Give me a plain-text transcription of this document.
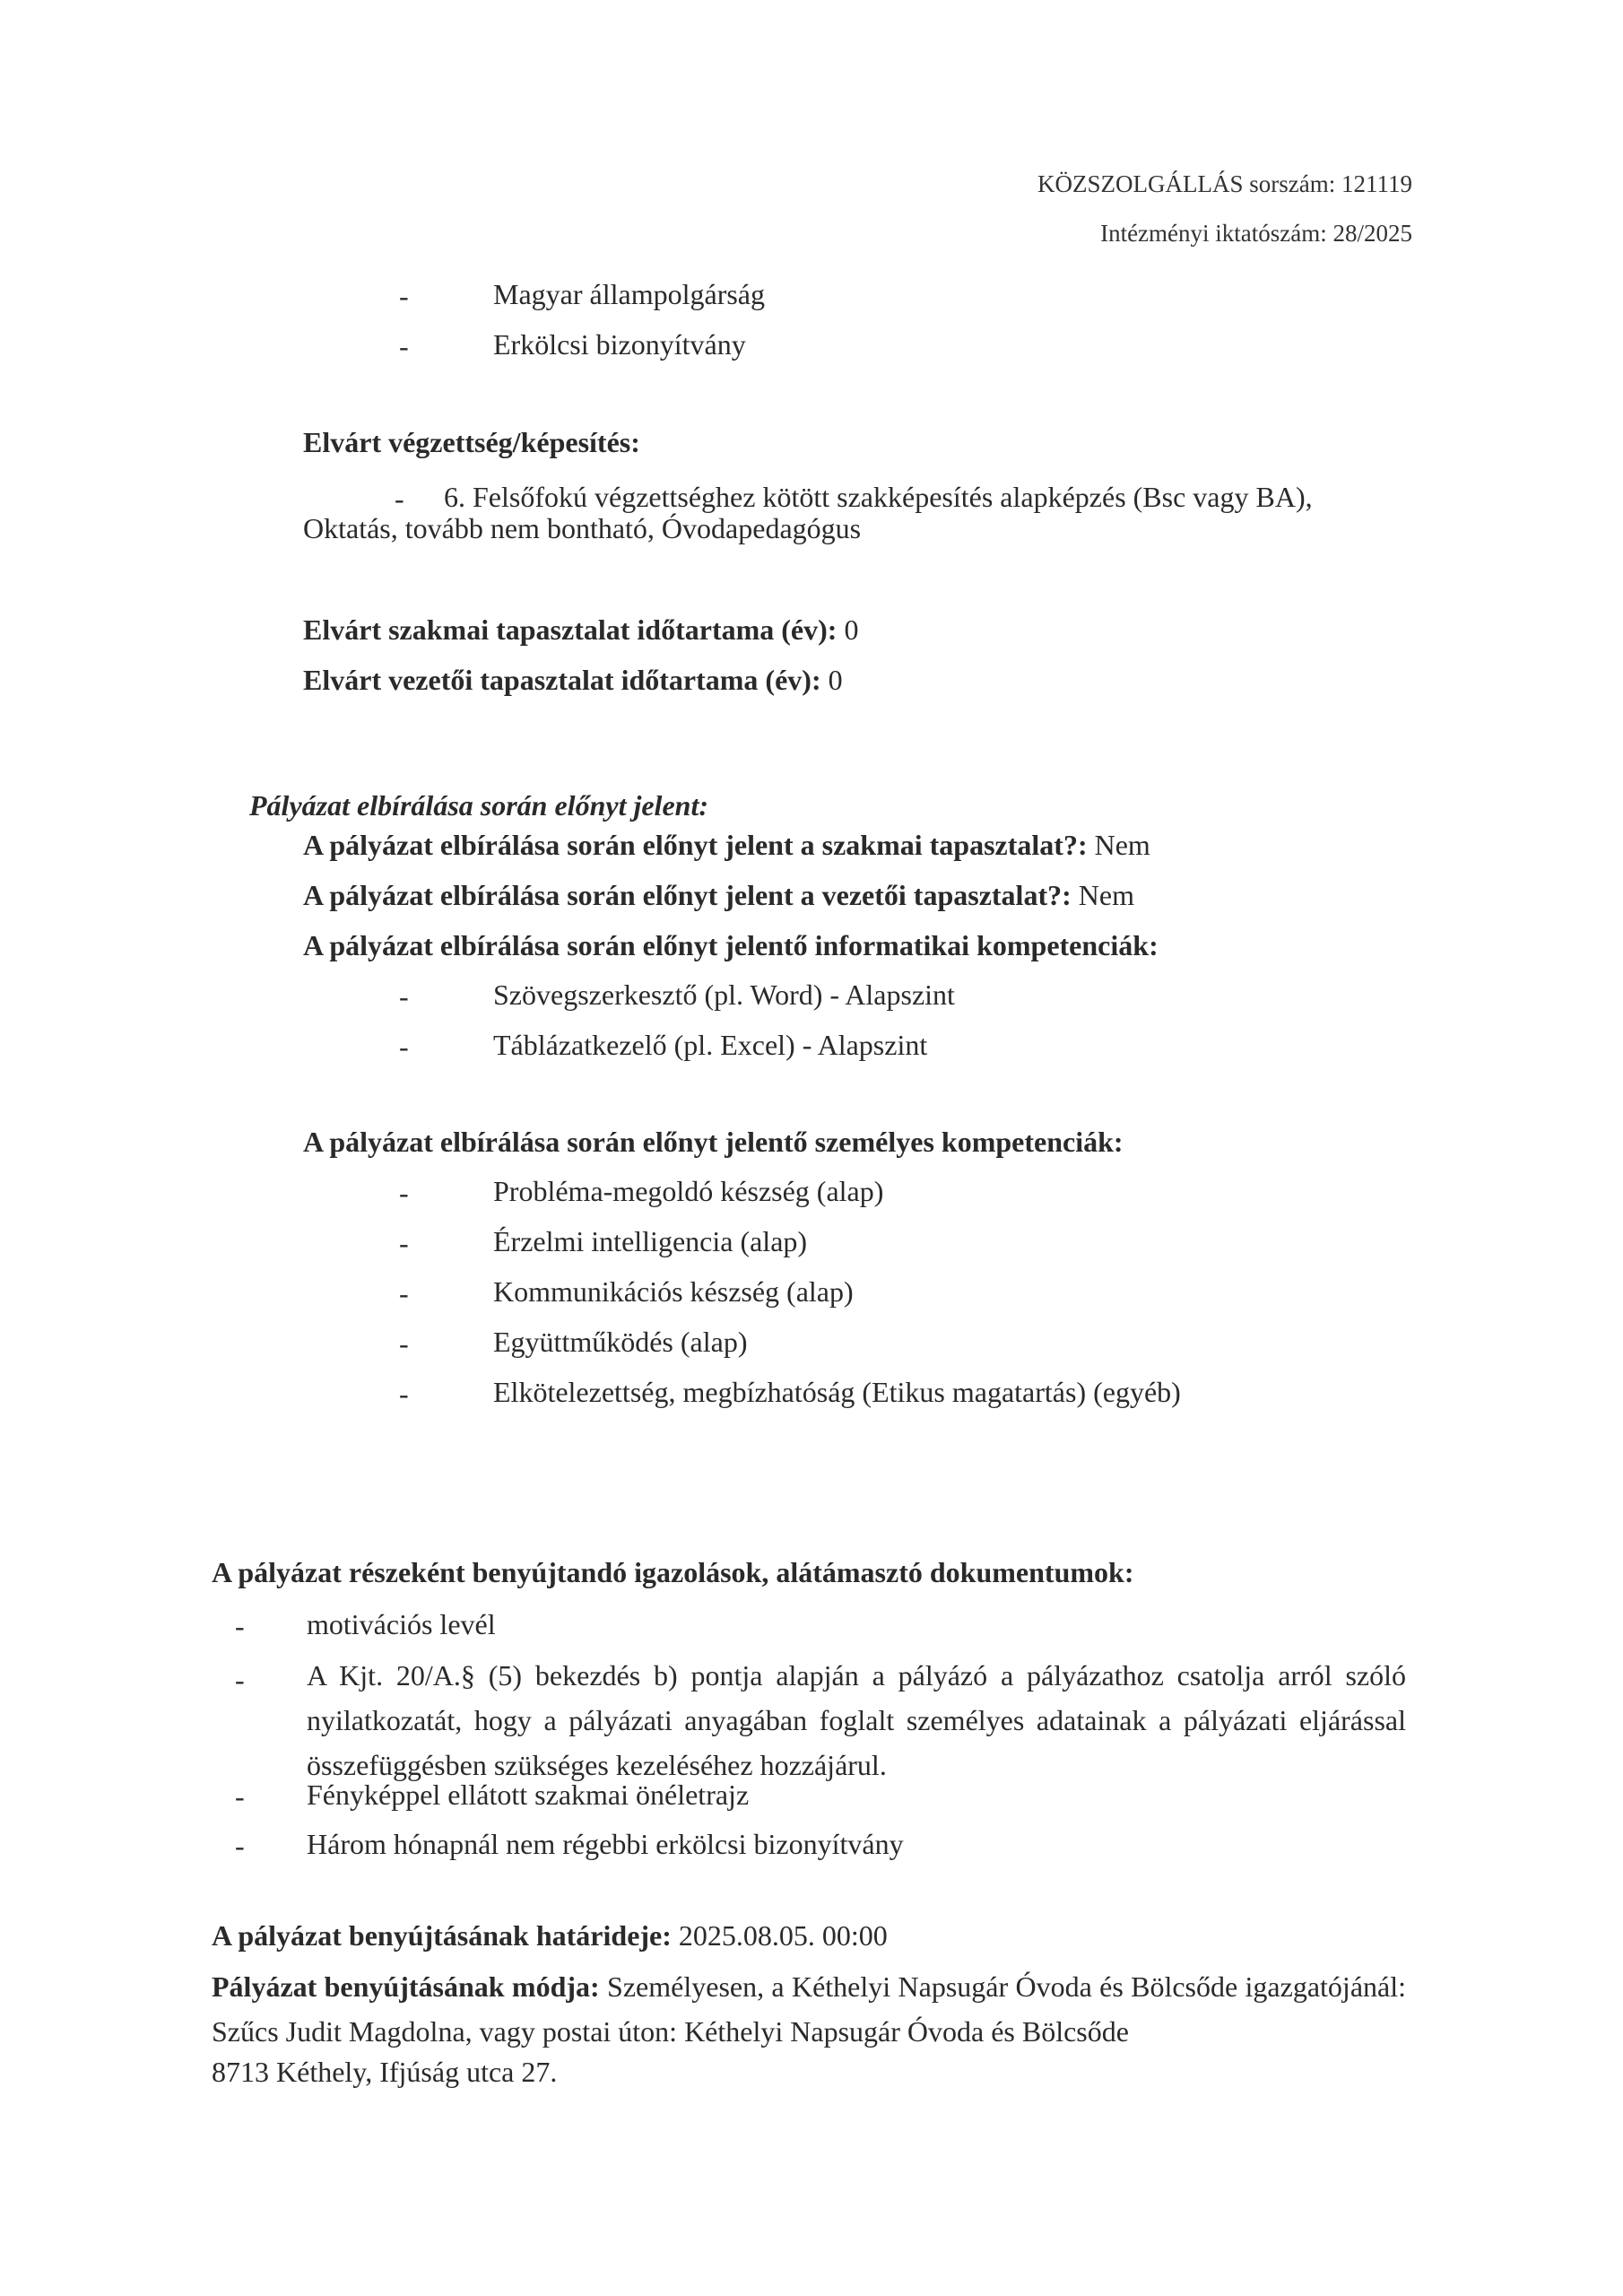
KÖZSZOLGÁLLÁS sorszám: 121119
Intézményi iktatószám: 28/2025
-	Magyar állampolgárság
-	Erkölcsi bizonyítvány
Elvárt végzettség/képesítés:
- 6. Felsőfokú végzettséghez kötött szakképesítés alapképzés (Bsc vagy BA),
Oktatás, tovább nem bontható, Óvodapedagógus
Elvárt szakmai tapasztalat időtartama (év): 0
Elvárt vezetői tapasztalat időtartama (év): 0
Pályázat elbírálása során előnyt jelent:
A pályázat elbírálása során előnyt jelent a szakmai tapasztalat?: Nem
A pályázat elbírálása során előnyt jelent a vezetői tapasztalat?: Nem
A pályázat elbírálása során előnyt jelentő informatikai kompetenciák:
-	Szövegszerkesztő (pl. Word) - Alapszint
-	Táblázatkezelő (pl. Excel) - Alapszint
A pályázat elbírálása során előnyt jelentő személyes kompetenciák:
-	Probléma-megoldó készség (alap)
-	Érzelmi intelligencia (alap)
-	Kommunikációs készség (alap)
-	Együttműködés (alap)
-	Elkötelezettség, megbízhatóság (Etikus magatartás) (egyéb)
A pályázat részeként benyújtandó igazolások, alátámasztó dokumentumok:
- motivációs levél
- A Kjt. 20/A.§ (5) bekezdés b) pontja alapján a pályázó a pályázathoz csatolja arról szóló nyilatkozatát, hogy a pályázati anyagában foglalt személyes adatainak a pályázati eljárással összefüggésben szükséges kezeléséhez hozzájárul.
- Fényképpel ellátott szakmai önéletrajz
- Három hónapnál nem régebbi erkölcsi bizonyítvány
A pályázat benyújtásának határideje: 2025.08.05. 00:00
Pályázat benyújtásának módja: Személyesen, a Kéthelyi Napsugár Óvoda és Bölcsőde igazgatójánál: Szűcs Judit Magdolna, vagy postai úton: Kéthelyi Napsugár Óvoda és Bölcsőde
8713 Kéthely, Ifjúság utca 27.
